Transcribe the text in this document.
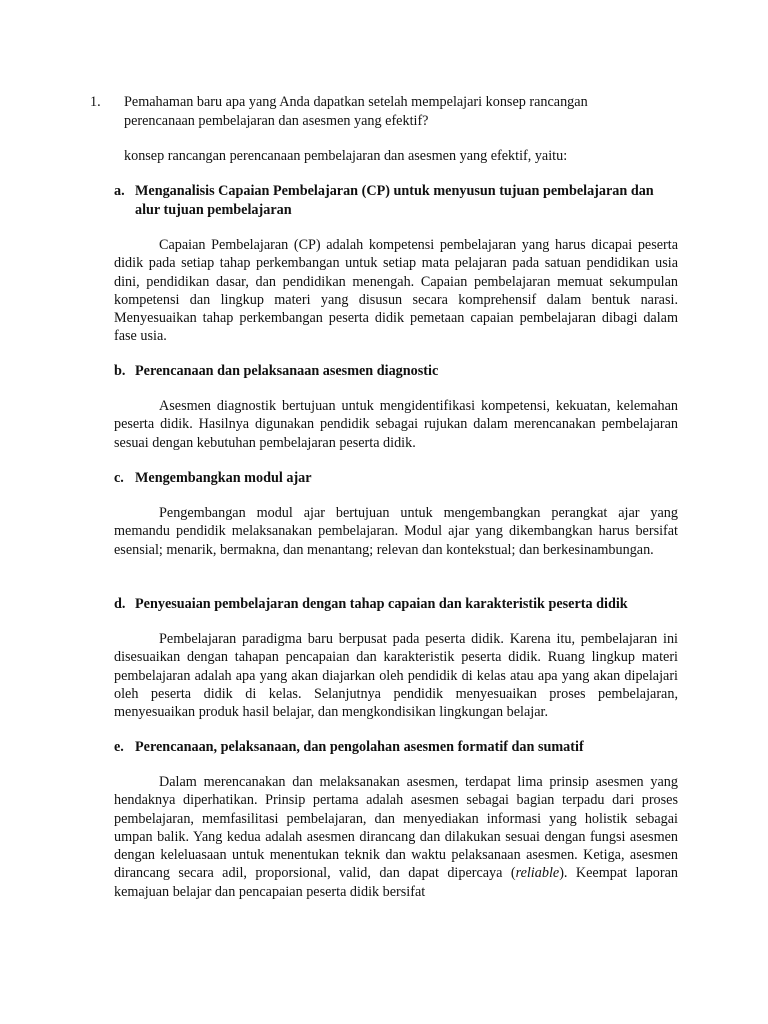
1. Pemahaman baru apa yang Anda dapatkan setelah mempelajari konsep rancangan perencanaan pembelajaran dan asesmen yang efektif?
konsep rancangan perencanaan pembelajaran dan asesmen yang efektif, yaitu:
a. Menganalisis Capaian Pembelajaran (CP) untuk menyusun tujuan pembelajaran dan alur tujuan pembelajaran

Capaian Pembelajaran (CP) adalah kompetensi pembelajaran yang harus dicapai peserta didik pada setiap tahap perkembangan untuk setiap mata pelajaran pada satuan pendidikan usia dini, pendidikan dasar, dan pendidikan menengah. Capaian pembelajaran memuat sekumpulan kompetensi dan lingkup materi yang disusun secara komprehensif dalam bentuk narasi. Menyesuaikan tahap perkembangan peserta didik pemetaan capaian pembelajaran dibagi dalam fase usia.

b. Perencanaan dan pelaksanaan asesmen diagnostic

Asesmen diagnostik bertujuan untuk mengidentifikasi kompetensi, kekuatan, kelemahan peserta didik. Hasilnya digunakan pendidik sebagai rujukan dalam merencanakan pembelajaran sesuai dengan kebutuhan pembelajaran peserta didik.

c. Mengembangkan modul ajar

Pengembangan modul ajar bertujuan untuk mengembangkan perangkat ajar yang memandu pendidik melaksanakan pembelajaran. Modul ajar yang dikembangkan harus bersifat esensial; menarik, bermakna, dan menantang; relevan dan kontekstual; dan berkesinambungan.

d. Penyesuaian pembelajaran dengan tahap capaian dan karakteristik peserta didik

Pembelajaran paradigma baru berpusat pada peserta didik. Karena itu, pembelajaran ini disesuaikan dengan tahapan pencapaian dan karakteristik peserta didik. Ruang lingkup materi pembelajaran adalah apa yang akan diajarkan oleh pendidik di kelas atau apa yang akan dipelajari oleh peserta didik di kelas. Selanjutnya pendidik menyesuaikan proses pembelajaran, menyesuaikan produk hasil belajar, dan mengkondisikan lingkungan belajar.

e. Perencanaan, pelaksanaan, dan pengolahan asesmen formatif dan sumatif

Dalam merencanakan dan melaksanakan asesmen, terdapat lima prinsip asesmen yang hendaknya diperhatikan. Prinsip pertama adalah asesmen sebagai bagian terpadu dari proses pembelajaran, memfasilitasi pembelajaran, dan menyediakan informasi yang holistik sebagai umpan balik. Yang kedua adalah asesmen dirancang dan dilakukan sesuai dengan fungsi asesmen dengan keleluasaan untuk menentukan teknik dan waktu pelaksanaan asesmen. Ketiga, asesmen dirancang secara adil, proporsional, valid, dan dapat dipercaya (reliable). Keempat laporan kemajuan belajar dan pencapaian peserta didik bersifat
